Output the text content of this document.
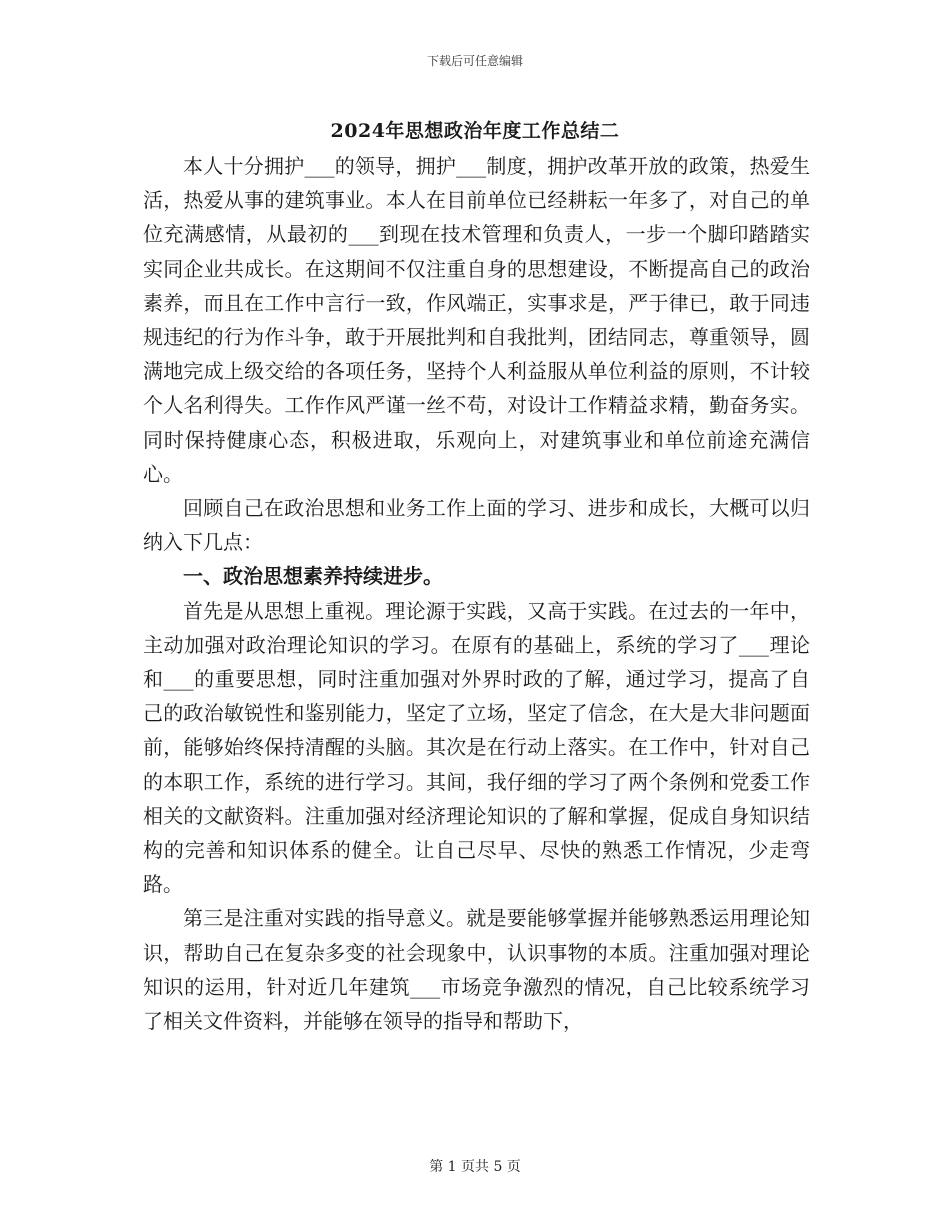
下载后可任意编辑
2024年思想政治年度工作总结二

本人十分拥护___的领导，拥护___制度，拥护改革开放的政策，热爱生活，热爱从事的建筑事业。本人在目前单位已经耕耘一年多了，对自己的单位充满感情，从最初的___到现在技术管理和负责人，一步一个脚印踏踏实实同企业共成长。在这期间不仅注重自身的思想建设，不断提高自己的政治素养，而且在工作中言行一致，作风端正，实事求是，严于律已，敢于同违规违纪的行为作斗争，敢于开展批判和自我批判，团结同志，尊重领导，圆满地完成上级交给的各项任务，坚持个人利益服从单位利益的原则，不计较个人名利得失。工作作风严谨一丝不苟，对设计工作精益求精，勤奋务实。同时保持健康心态，积极进取，乐观向上，对建筑事业和单位前途充满信心。

回顾自己在政治思想和业务工作上面的学习、进步和成长，大概可以归纳入下几点：

一、政治思想素养持续进步。

首先是从思想上重视。理论源于实践，又高于实践。在过去的一年中，主动加强对政治理论知识的学习。在原有的基础上，系统的学习了___理论和___的重要思想，同时注重加强对外界时政的了解，通过学习，提高了自己的政治敏锐性和鉴别能力，坚定了立场，坚定了信念，在大是大非问题面前，能够始终保持清醒的头脑。其次是在行动上落实。在工作中，针对自己的本职工作，系统的进行学习。其间，我仔细的学习了两个条例和党委工作相关的文献资料。注重加强对经济理论知识的了解和掌握，促成自身知识结构的完善和知识体系的健全。让自己尽早、尽快的熟悉工作情况，少走弯路。

第三是注重对实践的指导意义。就是要能够掌握并能够熟悉运用理论知识，帮助自己在复杂多变的社会现象中，认识事物的本质。注重加强对理论知识的运用，针对近几年建筑___市场竞争激烈的情况，自己比较系统学习了相关文件资料，并能够在领导的指导和帮助下，

第 1 页共 5 页
